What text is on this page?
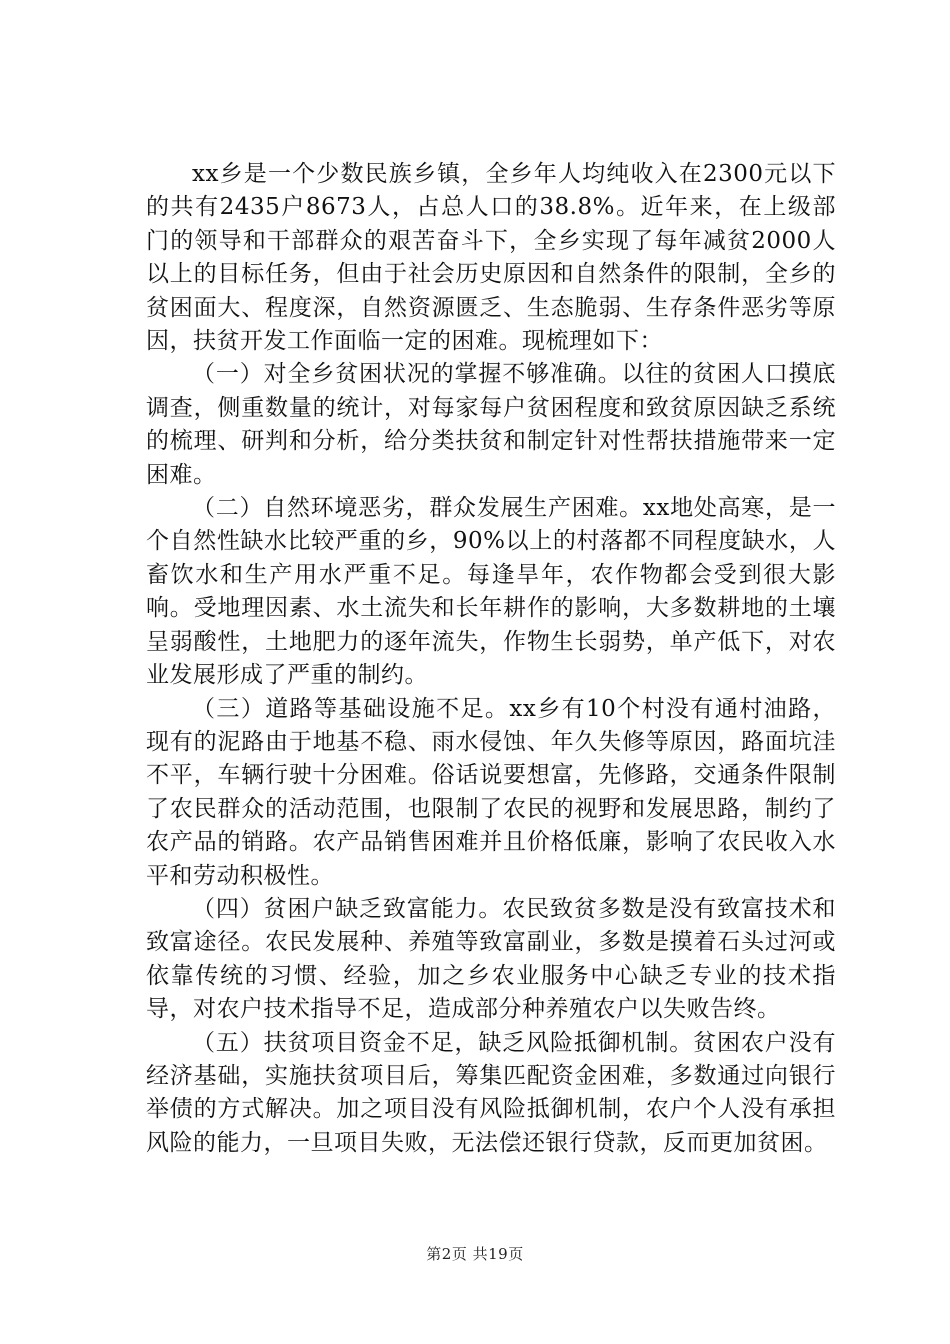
xx乡是一个少数民族乡镇，全乡年人均纯收入在2300元以下的共有2435户8673人，占总人口的38.8%。近年来，在上级部门的领导和干部群众的艰苦奋斗下，全乡实现了每年减贫2000人以上的目标任务，但由于社会历史原因和自然条件的限制，全乡的贫困面大、程度深，自然资源匮乏、生态脆弱、生存条件恶劣等原因，扶贫开发工作面临一定的困难。现梳理如下：

（一）对全乡贫困状况的掌握不够准确。以往的贫困人口摸底调查，侧重数量的统计，对每家每户贫困程度和致贫原因缺乏系统的梳理、研判和分析，给分类扶贫和制定针对性帮扶措施带来一定困难。

（二）自然环境恶劣，群众发展生产困难。xx地处高寒，是一个自然性缺水比较严重的乡，90%以上的村落都不同程度缺水，人畜饮水和生产用水严重不足。每逢旱年，农作物都会受到很大影响。受地理因素、水土流失和长年耕作的影响，大多数耕地的土壤呈弱酸性，土地肥力的逐年流失，作物生长弱势，单产低下，对农业发展形成了严重的制约。

（三）道路等基础设施不足。xx乡有10个村没有通村油路，现有的泥路由于地基不稳、雨水侵蚀、年久失修等原因，路面坑洼不平，车辆行驶十分困难。俗话说要想富，先修路，交通条件限制了农民群众的活动范围，也限制了农民的视野和发展思路，制约了农产品的销路。农产品销售困难并且价格低廉，影响了农民收入水平和劳动积极性。

（四）贫困户缺乏致富能力。农民致贫多数是没有致富技术和致富途径。农民发展种、养殖等致富副业，多数是摸着石头过河或依靠传统的习惯、经验，加之乡农业服务中心缺乏专业的技术指导，对农户技术指导不足，造成部分种养殖农户以失败告终。

（五）扶贫项目资金不足，缺乏风险抵御机制。贫困农户没有经济基础，实施扶贫项目后，筹集匹配资金困难，多数通过向银行举债的方式解决。加之项目没有风险抵御机制，农户个人没有承担风险的能力，一旦项目失败，无法偿还银行贷款，反而更加贫困。

第2页 共19页
